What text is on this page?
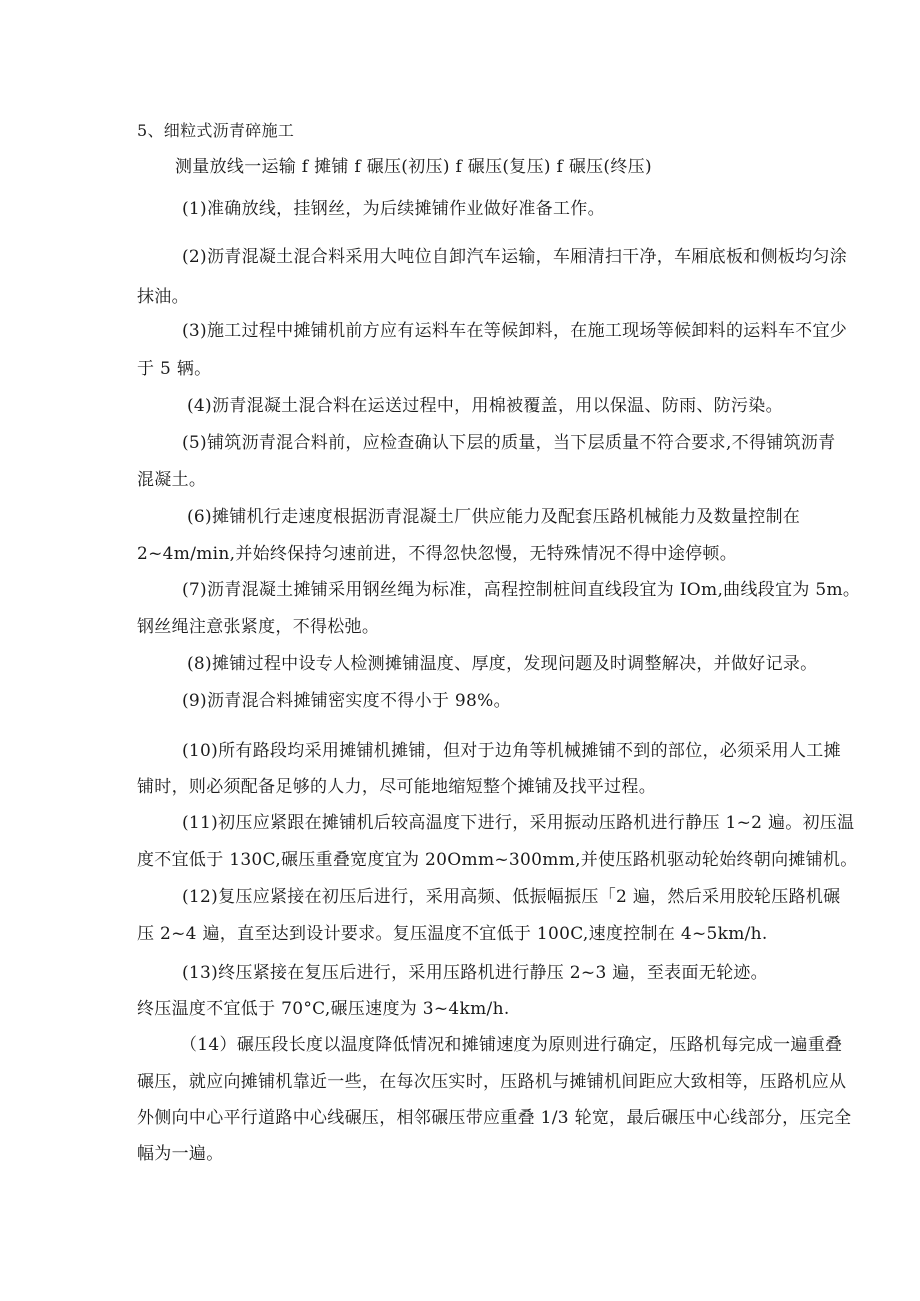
5、细粒式沥青碎施工
测量放线一运输 f 摊铺 f 碾压(初压) f 碾压(复压) f 碾压(终压)
(1)准确放线，挂钢丝，为后续摊铺作业做好准备工作。
(2)沥青混凝土混合料采用大吨位自卸汽车运输，车厢清扫干净，车厢底板和侧板均匀涂
抹油。
(3)施工过程中摊铺机前方应有运料车在等候卸料，在施工现场等候卸料的运料车不宜少
于 5 辆。
(4)沥青混凝土混合料在运送过程中，用棉被覆盖，用以保温、防雨、防污染。
(5)铺筑沥青混合料前，应检查确认下层的质量，当下层质量不符合要求,不得铺筑沥青
混凝土。
(6)摊铺机行走速度根据沥青混凝土厂供应能力及配套压路机械能力及数量控制在
2~4m∕min,并始终保持匀速前进，不得忽快忽慢，无特殊情况不得中途停顿。
(7)沥青混凝土摊铺采用钢丝绳为标准，高程控制桩间直线段宜为 IOm,曲线段宜为 5m。
钢丝绳注意张紧度，不得松弛。
(8)摊铺过程中设专人检测摊铺温度、厚度，发现问题及时调整解决，并做好记录。
(9)沥青混合料摊铺密实度不得小于 98%。
(10)所有路段均采用摊铺机摊铺，但对于边角等机械摊铺不到的部位，必须采用人工摊
铺时，则必须配备足够的人力，尽可能地缩短整个摊铺及找平过程。
(11)初压应紧跟在摊铺机后较高温度下进行，采用振动压路机进行静压 1~2 遍。初压温
度不宜低于 130C,碾压重叠宽度宜为 20Omm~300mm,并使压路机驱动轮始终朝向摊铺机。
(12)复压应紧接在初压后进行，采用高频、低振幅振压「2 遍，然后采用胶轮压路机碾
压 2~4 遍，直至达到设计要求。复压温度不宜低于 100C,速度控制在 4~5km∕h.
(13)终压紧接在复压后进行，采用压路机进行静压 2~3 遍，至表面无轮迹。
终压温度不宜低于 70°C,碾压速度为 3~4km∕h.
（14）碾压段长度以温度降低情况和摊铺速度为原则进行确定，压路机每完成一遍重叠
碾压，就应向摊铺机靠近一些，在每次压实时，压路机与摊铺机间距应大致相等，压路机应从
外侧向中心平行道路中心线碾压，相邻碾压带应重叠 1/3 轮宽，最后碾压中心线部分，压完全
幅为一遍。
